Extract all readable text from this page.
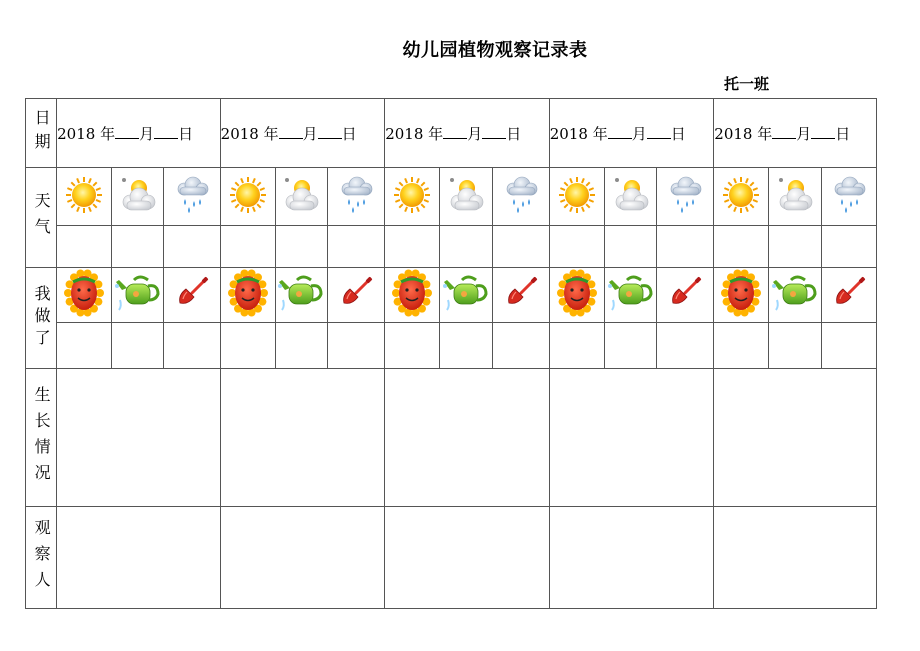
幼儿园植物观察记录表
托一班
日期	2018 年 月 日			2018 年 月 日			2018 年 月 日			2018 年 月 日			2018 年 月 日		
天气	

我做了	

生长情况															
观察人															
